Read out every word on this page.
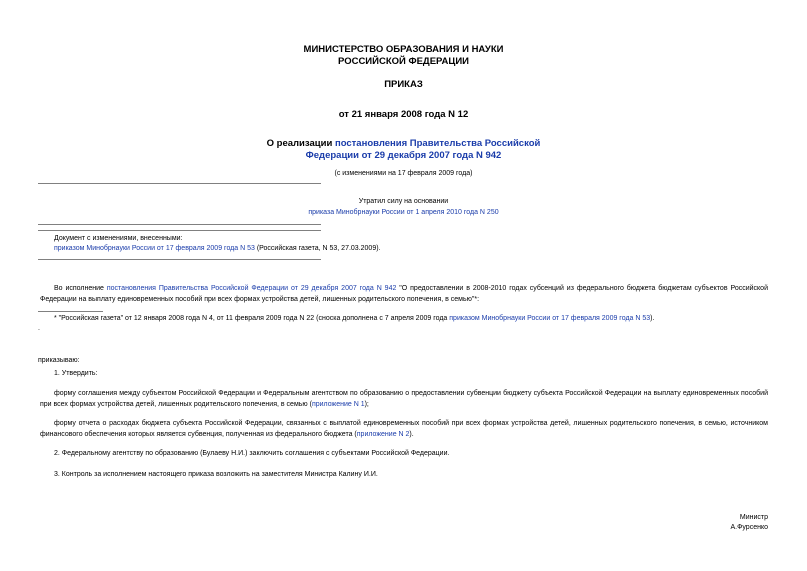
МИНИСТЕРСТВО ОБРАЗОВАНИЯ И НАУКИ
РОССИЙСКОЙ ФЕДЕРАЦИИ
ПРИКАЗ
от 21 января 2008 года N 12
О реализации постановления Правительства Российской
Федерации от 29 декабря 2007 года N 942
(с изменениями на 17 февраля 2009 года)
Утратил силу на основании
приказа Минобрнауки России от 1 апреля 2010 года N 250
Документ с изменениями, внесенными:
приказом Минобрнауки России от 17 февраля 2009 года N 53 (Российская газета, N 53, 27.03.2009).
Во исполнение постановления Правительства Российской Федерации от 29 декабря 2007 года N 942 "О предоставлении в 2008-2010 годах субсенций из федерального бюджета бюджетам субъектов Российской Федерации на выплату единовременных пособий при всех формах устройства детей, лишенных родительского попечения, в семью"*:
* "Российская газета" от 12 января 2008 года N 4, от 11 февраля 2009 года N 22 (сноска дополнена с 7 апреля 2009 года приказом Минобрнауки России от 17 февраля 2009 года N 53).
.
приказываю:
1. Утвердить:
форму соглашения между субъектом Российской Федерации и Федеральным агентством по образованию о предоставлении субвенции бюджету субъекта Российской Федерации на выплату единовременных пособий при всех формах устройства детей, лишенных родительского попечения, в семью (приложение N 1);
форму отчета о расходах бюджета субъекта Российской Федерации, связанных с выплатой единовременных пособий при всех формах устройства детей, лишенных родительского попечения, в семью, источником финансового обеспечения которых является субвенция, полученная из федерального бюджета (приложение N 2).
2. Федеральному агентству по образованию (Булаеву Н.И.) заключить соглашения с субъектами Российской Федерации.
3. Контроль за исполнением настоящего приказа возложить на заместителя Министра Калину И.И.
Министр
А.Фурсенко
